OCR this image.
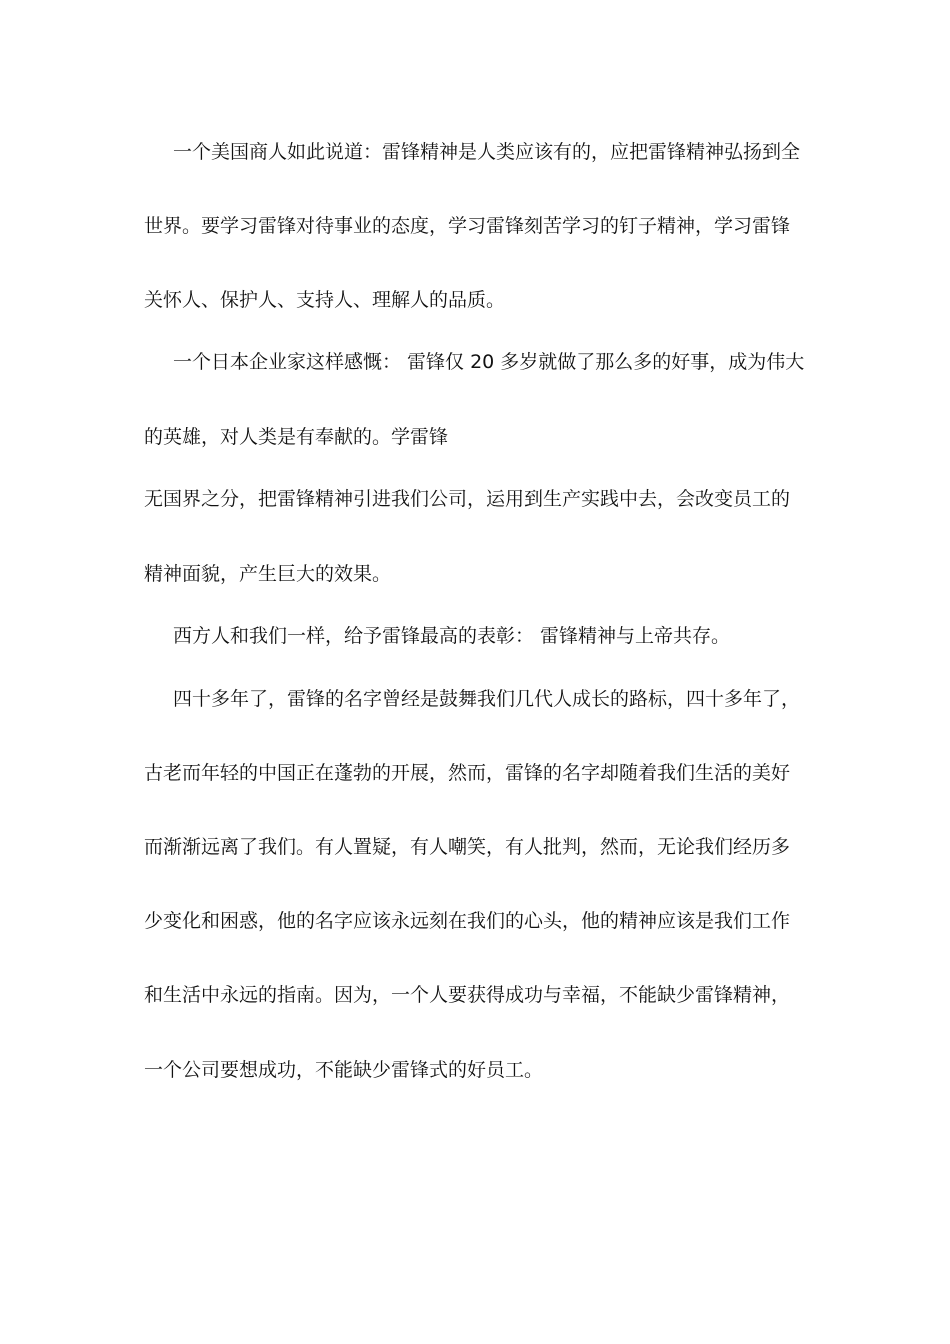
一个美国商人如此说道：雷锋精神是人类应该有的，应把雷锋精神弘扬到全
世界。要学习雷锋对待事业的态度，学习雷锋刻苦学习的钉子精神，学习雷锋
关怀人、保护人、支持人、理解人的品质。
一个日本企业家这样感慨： 雷锋仅 20 多岁就做了那么多的好事，成为伟大
的英雄，对人类是有奉献的。学雷锋
无国界之分，把雷锋精神引进我们公司，运用到生产实践中去，会改变员工的
精神面貌，产生巨大的效果。
西方人和我们一样，给予雷锋最高的表彰： 雷锋精神与上帝共存。
四十多年了，雷锋的名字曾经是鼓舞我们几代人成长的路标，四十多年了，
古老而年轻的中国正在蓬勃的开展，然而，雷锋的名字却随着我们生活的美好
而渐渐远离了我们。有人置疑，有人嘲笑，有人批判，然而，无论我们经历多
少变化和困惑，他的名字应该永远刻在我们的心头，他的精神应该是我们工作
和生活中永远的指南。因为，一个人要获得成功与幸福，不能缺少雷锋精神，
一个公司要想成功，不能缺少雷锋式的好员工。
